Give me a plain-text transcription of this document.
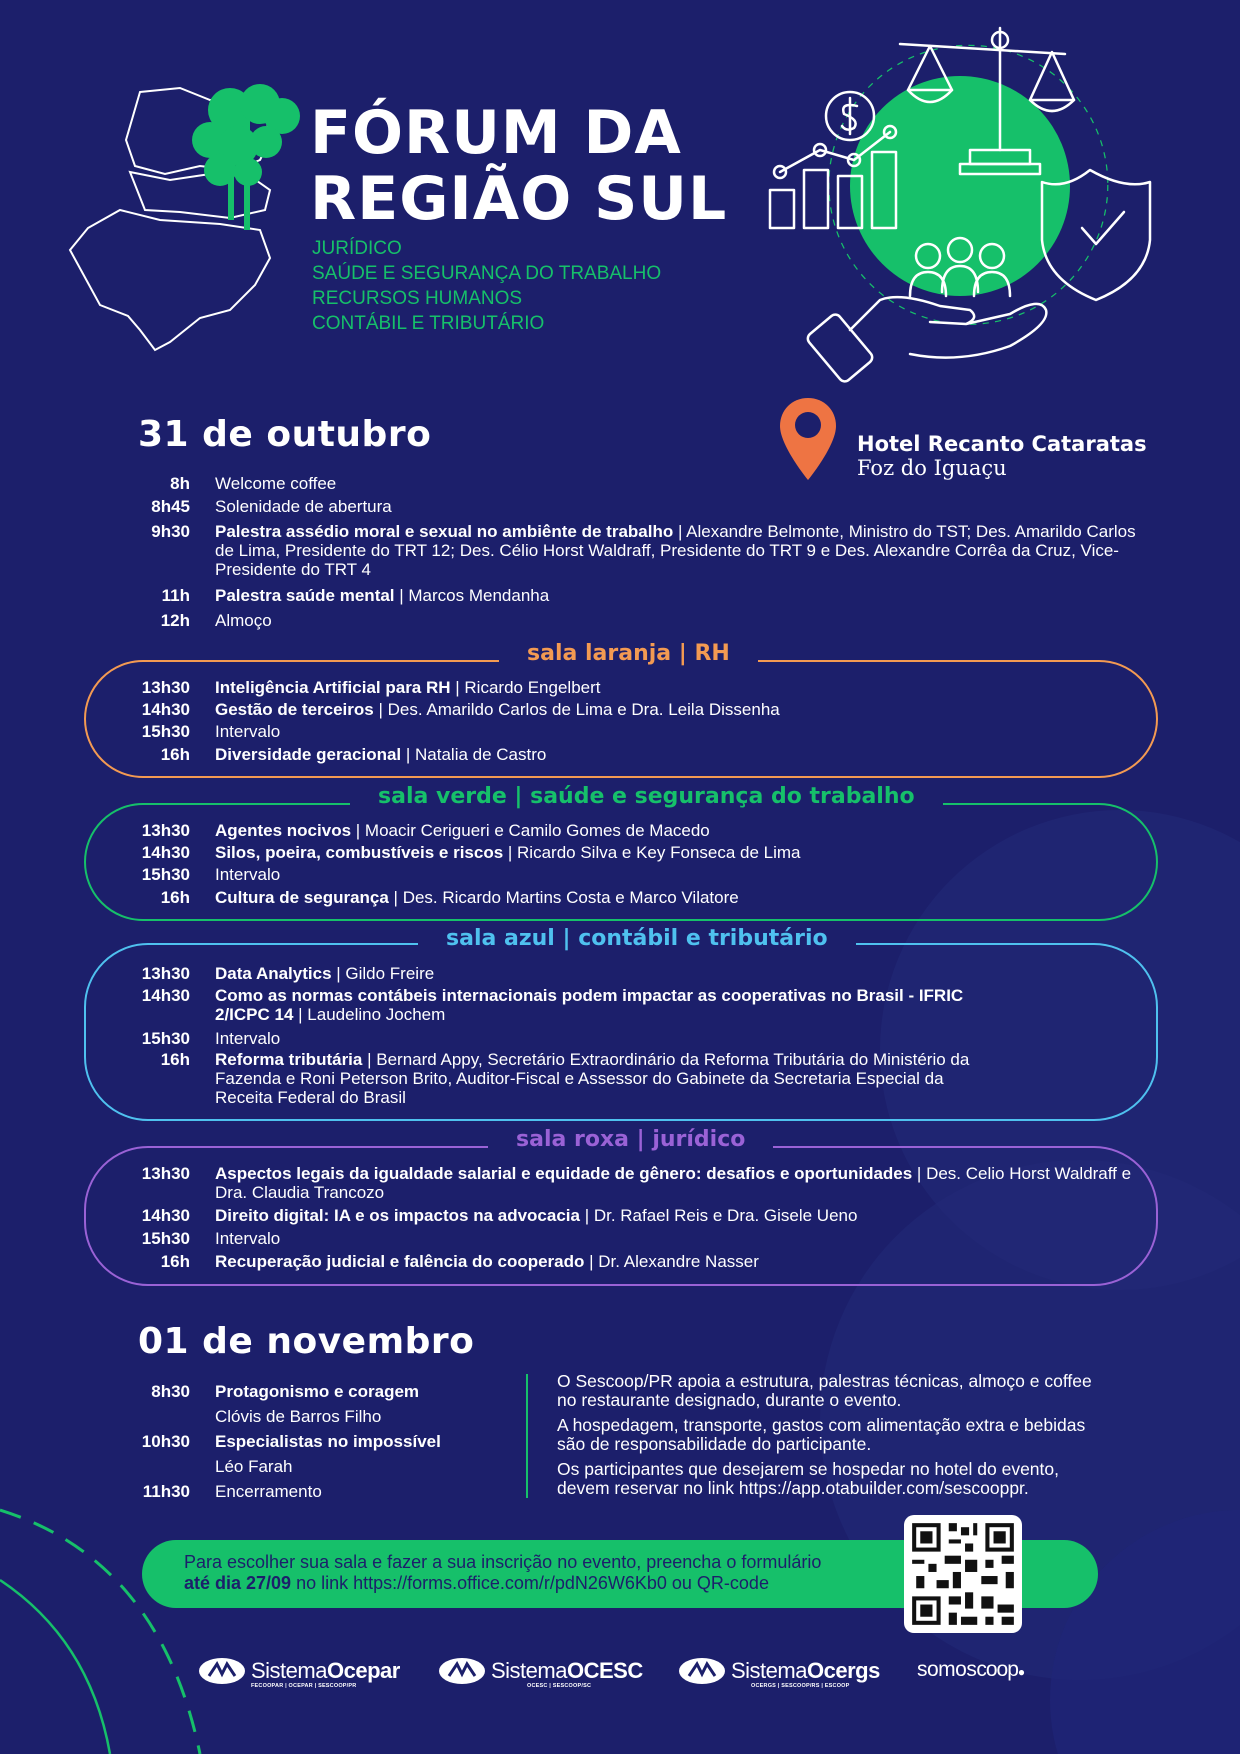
FÓRUM DA
REGIÃO SUL
JURÍDICO
SAÚDE E SEGURANÇA DO TRABALHO
RECURSOS HUMANOS
CONTÁBIL E TRIBUTÁRIO
31 de outubro	Hotel Recanto Cataratas
Foz do Iguaçu
8h Welcome coffee
8h45 Solenidade de abertura
9h30 Palestra assédio moral e sexual no ambiênte de trabalho | Alexandre Belmonte, Ministro do TST; Des. Amarildo Carlos de Lima, Presidente do TRT 12; Des. Célio Horst Waldraff, Presidente do TRT 9 e Des. Alexandre Corrêa da Cruz, Vice-Presidente do TRT 4
11h Palestra saúde mental | Marcos Mendanha
12h Almoço
sala laranja | RH
sala verde | saúde e segurança do trabalho
sala azul | contábil e tributário
sala roxa | jurídico
13h30 Inteligência Artificial para RH | Ricardo Engelbert
14h30 Gestão de terceiros | Des. Amarildo Carlos de Lima e Dra. Leila Dissenha
15h30 Intervalo
16h Diversidade geracional | Natalia de Castro
13h30 Agentes nocivos | Moacir Cerigueri e Camilo Gomes de Macedo
14h30 Silos, poeira, combustíveis e riscos | Ricardo Silva e Key Fonseca de Lima
15h30 Intervalo
16h Cultura de segurança | Des. Ricardo Martins Costa e Marco Vilatore
13h30 Data Analytics | Gildo Freire
14h30 Como as normas contábeis internacionais podem impactar as cooperativas no Brasil - IFRIC 2/ICPC 14 | Laudelino Jochem
15h30 Intervalo
16h Reforma tributária | Bernard Appy, Secretário Extraordinário da Reforma Tributária do Ministério da Fazenda e Roni Peterson Brito, Auditor-Fiscal e Assessor do Gabinete da Secretaria Especial da Receita Federal do Brasil
13h30 Aspectos legais da igualdade salarial e equidade de gênero: desafios e oportunidades | Des. Celio Horst Waldraff e Dra. Claudia Trancozo
14h30 Direito digital: IA e os impactos na advocacia | Dr. Rafael Reis e Dra. Gisele Ueno
15h30 Intervalo
16h Recuperação judicial e falência do cooperado | Dr. Alexandre Nasser
01 de novembro
8h30 Protagonismo e coragem
Clóvis de Barros Filho
10h30 Especialistas no impossível
Léo Farah
11h30 Encerramento
O Sescoop/PR apoia a estrutura, palestras técnicas, almoço e coffee
no restaurante designado, durante o evento.
A hospedagem, transporte, gastos com alimentação extra e bebidas
são de responsabilidade do participante.
Os participantes que desejarem se hospedar no hotel do evento,
devem reservar no link https://app.otabuilder.com/sescooppr.
Para escolher sua sala e fazer a sua inscrição no evento, preencha o formulário
até dia 27/09 no link https://forms.office.com/r/pdN26W6Kb0 ou QR-code
SistemaOcepar
FECOOPAR | OCEPAR | SESCOOP/PR
SistemaOCESC
OCESC | SESCOOP/SC
SistemaOcergs
OCERGS | SESCOOP/RS | ESCOOP
somoscoop●
